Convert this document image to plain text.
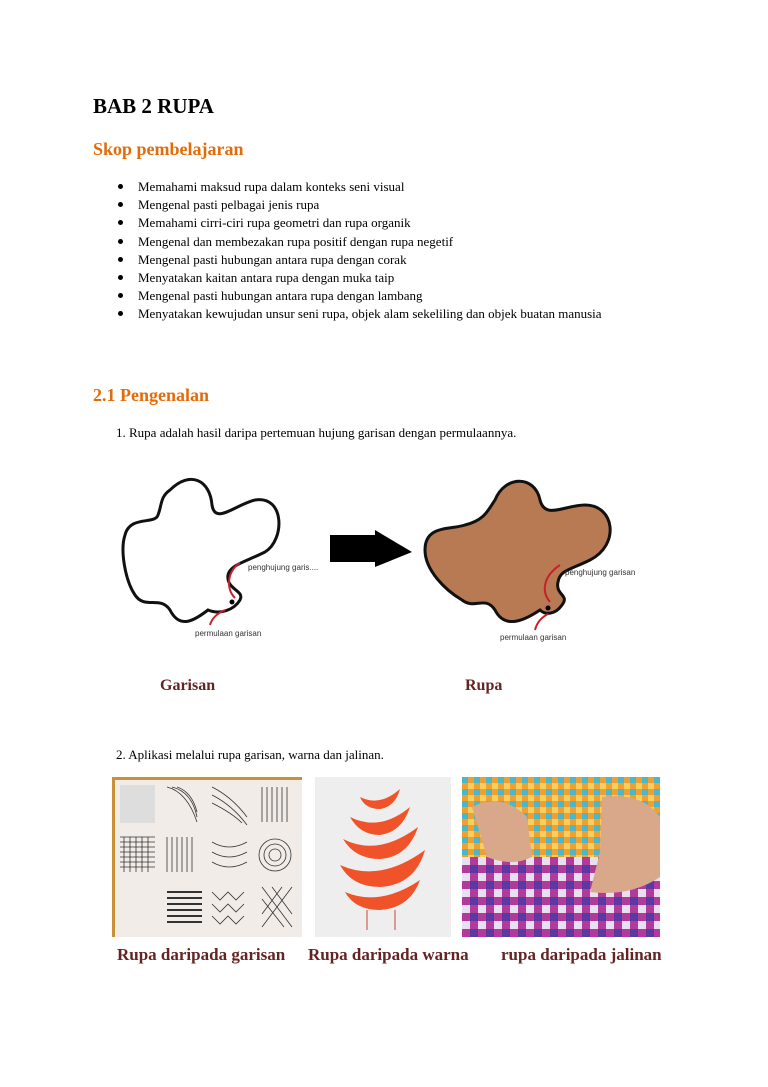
BAB 2 RUPA
Skop pembelajaran
Memahami maksud rupa dalam konteks seni visual
Mengenal pasti pelbagai jenis rupa
Memahami cirri-ciri rupa geometri dan rupa organik
Mengenal dan membezakan rupa positif dengan rupa negetif
Mengenal pasti hubungan antara rupa dengan corak
Menyatakan kaitan antara rupa dengan muka taip
Mengenal pasti hubungan antara rupa dengan lambang
Menyatakan kewujudan unsur seni rupa, objek alam sekeliling dan objek buatan manusia
2.1 Pengenalan
1. Rupa adalah hasil daripa pertemuan hujung garisan dengan permulaannya.
penghujung garis....
permulaan garisan
penghujung garisan
permulaan garisan
Garisan	Rupa
2. Aplikasi melalui rupa garisan, warna dan jalinan.
Rupa daripada garisan Rupa daripada warna rupa daripada jalinan
